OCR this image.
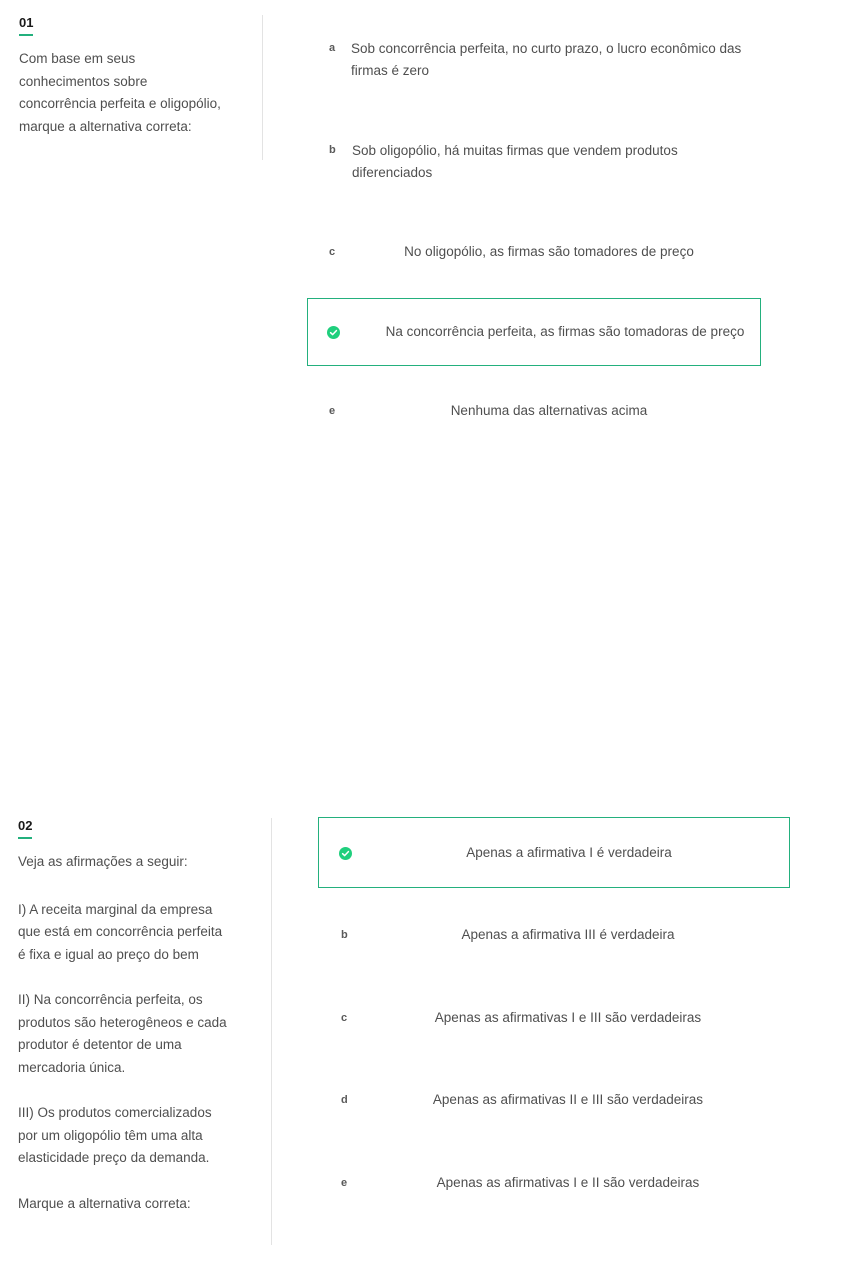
01

Com base em seus conhecimentos sobre concorrência perfeita e oligopólio, marque a alternativa correta:

a Sob concorrência perfeita, no curto prazo, o lucro econômico das firmas é zero
b Sob oligopólio, há muitas firmas que vendem produtos diferenciados
c	No oligopólio, as firmas são tomadores de preço
Na concorrência perfeita, as firmas são tomadoras de preço
e	Nenhuma das alternativas acima
02

Veja as afirmações a seguir:

I) A receita marginal da empresa que está em concorrência perfeita é fixa e igual ao preço do bem

II) Na concorrência perfeita, os produtos são heterogêneos e cada produtor é detentor de uma mercadoria única.

III) Os produtos comercializados por um oligopólio têm uma alta elasticidade preço da demanda.

Marque a alternativa correta:

Apenas a afirmativa I é verdadeira
b	Apenas a afirmativa III é verdadeira
c	Apenas as afirmativas I e III são verdadeiras
d	Apenas as afirmativas II e III são verdadeiras
e	Apenas as afirmativas I e II são verdadeiras
